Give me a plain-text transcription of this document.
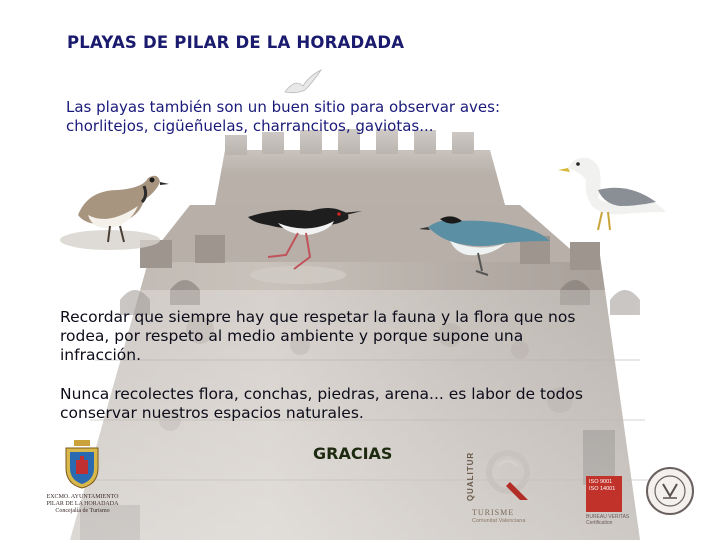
PLAYAS DE PILAR DE LA HORADADA
Las playas también son un buen sitio para observar aves:
chorlitejos, cigüeñuelas, charrancitos, gaviotas...
Recordar que siempre hay que respetar la fauna y la flora que nos
rodea, por respeto al medio ambiente y porque supone una
infracción.
Nunca recolectes flora, conchas, piedras, arena... es labor de todos
conservar nuestros espacios naturales.
GRACIAS
EXCMO. AYUNTAMIENTO
PILAR DE LA HORADADA
Concejalía de Turismo
QUALITUR
TURISME
Comunitat Valenciana
ISO 9001
ISO 14001
BUREAU VERITAS
Certification
